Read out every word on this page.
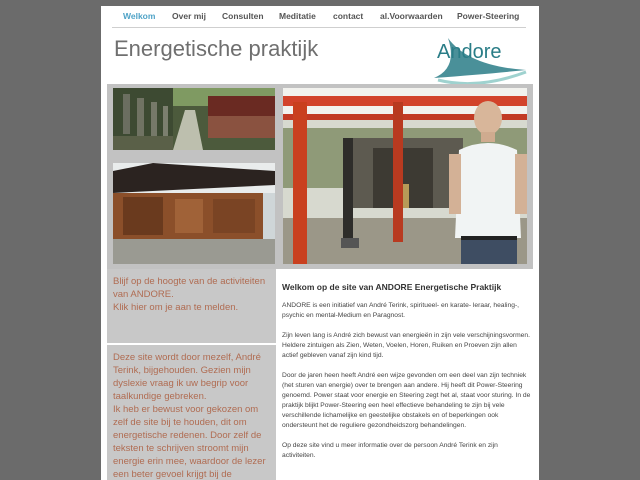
Welkom Over mij Consulten Meditatie contact al.Voorwaarden Power-Steering
Energetische praktijk	Andore

Blijf op de hoogte van de activiteiten van ANDORE.
Klik hier om je aan te melden.

Deze site wordt door mezelf, André Terink, bijgehouden. Gezien mijn dyslexie vraag ik uw begrip voor taalkundige gebreken.
Ik heb er bewust voor gekozen om zelf de site bij te houden, dit om energetische redenen. Door zelf de teksten te schrijven stroomt mijn energie erin mee, waardoor de lezer een beter gevoel krijgt bij de

Welkom op de site van ANDORE Energetische Praktijk

ANDORE is een initiatief van André Terink, spiritueel- en karate- leraar, healing-, psychic en mental-Medium en Paragnost.

Zijn leven lang is André zich bewust van energieën in zijn vele verschijningsvormen. Heldere zintuigen als Zien, Weten, Voelen, Horen, Ruiken en Proeven zijn allen actief gebleven vanaf zijn kind tijd.

Door de jaren heen heeft André een wijze gevonden om een deel van zijn techniek (het sturen van energie) over te brengen aan andere. Hij heeft dit Power-Steering genoemd. Power staat voor energie en Steering zegt het al, staat voor sturing. In de praktijk blijkt Power-Steering een heel effectieve behandeling te zijn bij vele verschillende lichamelijke en geestelijke obstakels en of beperkingen ook ondersteunt het de reguliere gezondheidszorg behandelingen.

Op deze site vind u meer informatie over de persoon André Terink en zijn activiteiten.
